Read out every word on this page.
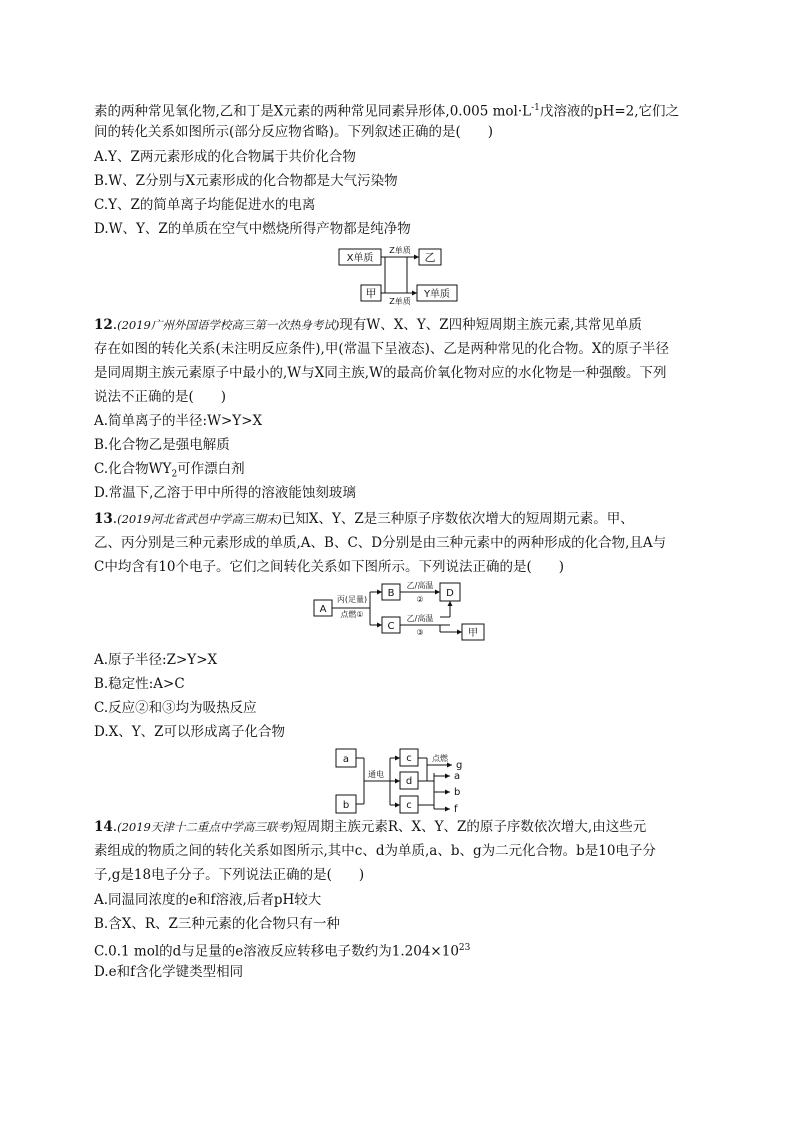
素的两种常见氧化物,乙和丁是X元素的两种常见同素异形体,0.005 $mol\cdot L^{-1}$戊溶液的pH=2,它们之
间的转化关系如图所示(部分反应物省略)。下列叙述正确的是(　　)
A.Y、Z两元素形成的化合物属于共价化合物
B.W、Z分别与X元素形成的化合物都是大气污染物
C.Y、Z的简单离子均能促进水的电离
D.W、Y、Z的单质在空气中燃烧所得产物都是纯净物
X单质	乙
Z单质
甲	Y单质
Z单质
12.(2019广州外国语学校高三第一次热身考试)现有W、X、Y、Z四种短周期主族元素,其常见单质
存在如图的转化关系(未注明反应条件),甲(常温下呈液态)、乙是两种常见的化合物。X的原子半径
是同周期主族元素原子中最小的,W与X同主族,W的最高价氧化物对应的水化物是一种强酸。下列
说法不正确的是(　　)
A.简单离子的半径:W>Y>X
B.化合物乙是强电解质
C.化合物$WY_2$可作漂白剂
D.常温下,乙溶于甲中所得的溶液能蚀刻玻璃
13.(2019河北省武邑中学高三期末)已知X、Y、Z是三种原子序数依次增大的短周期元素。甲、
乙、丙分别是三种元素形成的单质,A、B、C、D分别是由三种元素中的两种形成的化合物,且A与
C中均含有10个电子。它们之间转化关系如下图所示。下列说法正确的是(　　)
A
丙(足量)
点燃①
B
C
乙/高温
②
D
乙/高温
③	甲
A.原子半径:Z>Y>X
B.稳定性:A>C
C.反应②和③均为吸热反应
D.X、Y、Z可以形成离子化合物
a
b
通电
c
d
c
点燃
g
a
b
f
14.(2019天津十二重点中学高三联考)短周期主族元素R、X、Y、Z的原子序数依次增大,由这些元
素组成的物质之间的转化关系如图所示,其中c、d为单质,a、b、g为二元化合物。b是10电子分
子,g是18电子分子。下列说法正确的是(　　)
A.同温同浓度的e和f溶液,后者pH较大
B.含X、R、Z三种元素的化合物只有一种
C.0.1 mol的d与足量的e溶液反应转移电子数约为$1.204\times 10^{23}$
D.e和f含化学键类型相同
